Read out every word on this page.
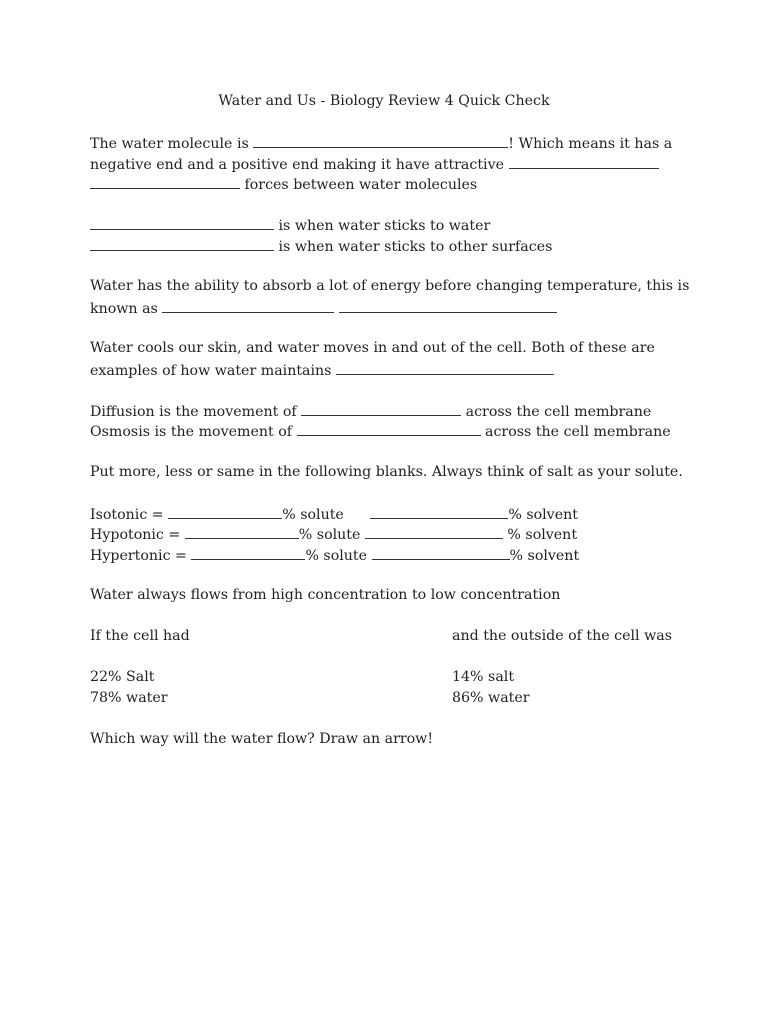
Water and Us - Biology Review 4 Quick Check
The water molecule is	! Which means it has a
negative end and a positive end making it have attractive
forces between water molecules
is when water sticks to water
is when water sticks to other surfaces
Water has the ability to absorb a lot of energy before changing temperature, this is
known as
Water cools our skin, and water moves in and out of the cell. Both of these are
examples of how water maintains
Diffusion is the movement of	across the cell membrane
Osmosis is the movement of	across the cell membrane
Put more, less or same in the following blanks. Always think of salt as your solute.
Isotonic =	% solute	% solvent
Hypotonic =	% solute	% solvent
Hypertonic =	% solute	% solvent
Water always flows from high concentration to low concentration
If the cell had	and the outside of the cell was
22% Salt	14% salt
78% water	86% water
Which way will the water flow? Draw an arrow!
